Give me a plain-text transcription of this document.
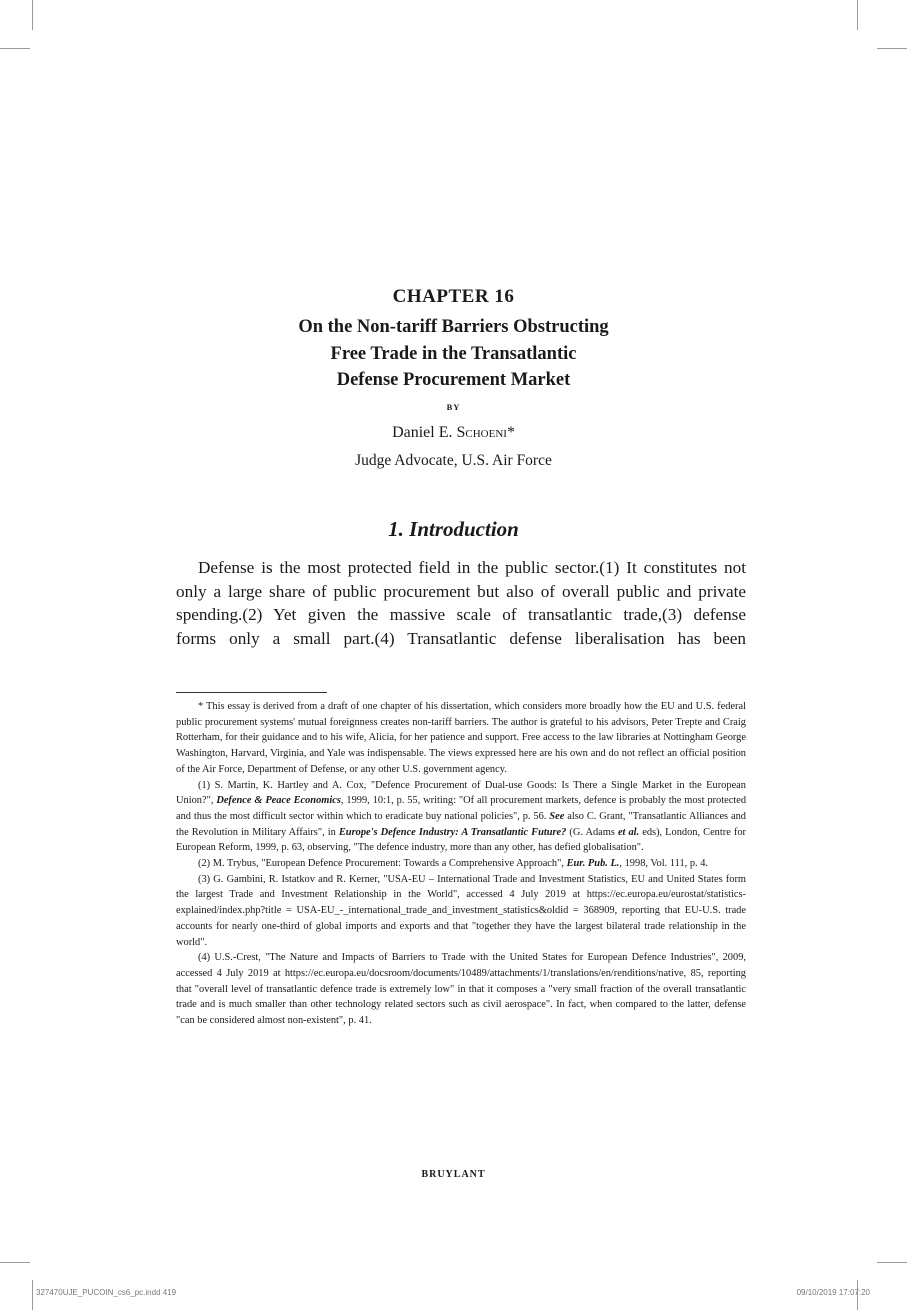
CHAPTER 16
On the Non-tariff Barriers Obstructing
Free Trade in the Transatlantic
Defense Procurement Market
BY
Daniel E. Schoeni*
Judge Advocate, U.S. Air Force
1. Introduction
Defense is the most protected field in the public sector.(1) It constitutes not
only a large share of public procurement but also of overall public and private
spending.(2) Yet given the massive scale of transatlantic trade,(3) defense
forms only a small part.(4) Transatlantic defense liberalisation has been

* This essay is derived from a draft of one chapter of his dissertation, which considers more broadly how the EU and U.S. federal public procurement systems' mutual foreignness creates non-tariff barriers. The author is grateful to his advisors, Peter Trepte and Craig Rotterham, for their guidance and to his wife, Alicia, for her patience and support. Free access to the law libraries at Nottingham George Washington, Harvard, Virginia, and Yale was indispensable. The views expressed here are his own and do not reflect an official position of the Air Force, Department of Defense, or any other U.S. government agency.

(1) S. Martin, K. Hartley and A. Cox, "Defence Procurement of Dual-use Goods: Is There a Single Market in the European Union?", Defence & Peace Economics, 1999, 10:1, p. 55, writing: "Of all procurement markets, defence is probably the most protected and thus the most difficult sector within which to eradicate buy national policies", p. 56. See also C. Grant, "Transatlantic Alliances and the Revolution in Military Affairs", in Europe's Defence Industry: A Transatlantic Future? (G. Adams et al. eds), London, Centre for European Reform, 1999, p. 63, observing, "The defence industry, more than any other, has defied globalisation".

(2) M. Trybus, "European Defence Procurement: Towards a Comprehensive Approach", Eur. Pub. L., 1998, Vol. 111, p. 4.

(3) G. Gambini, R. Istatkov and R. Kerner, "USA-EU – International Trade and Investment Statistics, EU and United States form the largest Trade and Investment Relationship in the World", accessed 4 July 2019 at https://ec.europa.eu/eurostat/statistics-explained/index.php?title = USA-EU_-_international_trade_and_investment_statistics&oldid = 368909, reporting that EU-U.S. trade accounts for nearly one-third of global imports and exports and that "together they have the largest bilateral trade relationship in the world".

(4) U.S.-Crest, "The Nature and Impacts of Barriers to Trade with the United States for European Defence Industries", 2009, accessed 4 July 2019 at https://ec.europa.eu/docsroom/documents/10489/attachments/1/translations/en/renditions/native, 85, reporting that "overall level of transatlantic defence trade is extremely low" in that it composes a "very small fraction of the overall transatlantic trade and is much smaller than other technology related sectors such as civil aerospace". In fact, when compared to the latter, defense "can be considered almost non-existent", p. 41.

BRUYLANT
327470UJE_PUCOIN_cs6_pc.indd 419	09/10/2019 17:07:20
